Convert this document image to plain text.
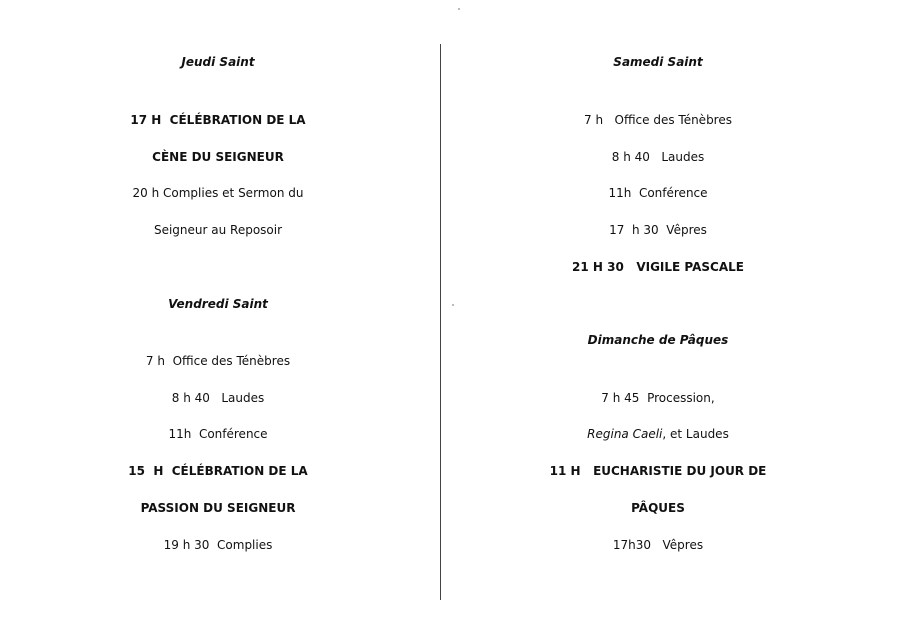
Jeudi Saint
17 H  CÉLÉBRATION DE LA
CÈNE DU SEIGNEUR
20 h Complies et Sermon du
Seigneur au Reposoir
Vendredi Saint
7 h  Office des Ténèbres
8 h 40   Laudes
11h  Conférence
15  H  CÉLÉBRATION DE LA
PASSION DU SEIGNEUR
19 h 30  Complies
Samedi Saint
7 h   Office des Ténèbres
8 h 40   Laudes
11h  Conférence
17  h 30  Vêpres
21 H 30   VIGILE PASCALE
Dimanche de Pâques
7 h 45  Procession,
Regina Caeli, et Laudes
11 H   EUCHARISTIE DU JOUR DE
PÂQUES
17h30   Vêpres
